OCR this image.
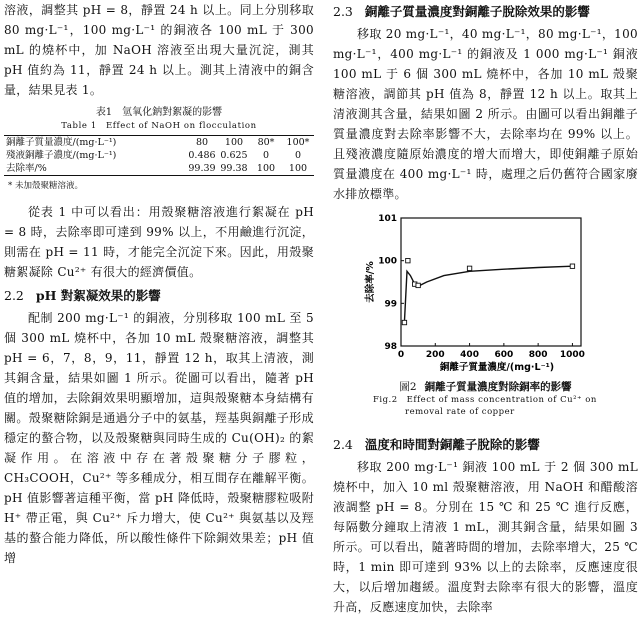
溶液，調整其 pH = 8，靜置 24 h 以上。同上分別移取 80 mg·L⁻¹，100 mg·L⁻¹ 的銅液各 100 mL 于 300 mL 的燒杯中，加 NaOH 溶液至出現大量沉淀，測其 pH 值約為 11，靜置 24 h 以上。測其上清液中的銅含量，結果見表 1。

表1　氫氧化鈉對絮凝的影響
Table 1　Effect of NaOH on flocculation
銅離子質量濃度/(mg·L⁻¹)	80	100	80*	100*
殘液銅離子濃度/(mg·L⁻¹)	0.486	0.625	0	0
去除率/%	99.39	99.38	100	100
* 未加殼聚糖溶液。

從表 1 中可以看出：用殼聚糖溶液進行絮凝在 pH = 8 時，去除率即可達到 99% 以上，不用鹼進行沉淀，則需在 pH = 11 時，才能完全沉淀下來。因此，用殼聚糖絮凝除 Cu²⁺ 有很大的經濟價值。

2.2 pH 對絮凝效果的影響

配制 200 mg·L⁻¹ 的銅液，分別移取 100 mL 至 5 個 300 mL 燒杯中，各加 10 mL 殼聚糖溶液，調整其 pH = 6，7，8，9，11，靜置 12 h，取其上清液，測其銅含量，結果如圖 1 所示。從圖可以看出，隨著 pH 值的增加，去除銅效果明顯增加，這與殼聚糖本身結構有關。殼聚糖除銅是通過分子中的氨基，羥基與銅離子形成穩定的螯合物，以及殼聚糖與同時生成的 Cu(OH)₂ 的絮凝作用。在溶液中存在著殼聚糖分子膠粒，CH₃COOH，Cu²⁺ 等多種成分，相互間存在離解平衡。pH 值影響著這種平衡，當 pH 降低時，殼聚糖膠粒吸附 H⁺ 帶正電，與 Cu²⁺ 斥力增大，使 Cu²⁺ 與氨基以及羥基的螯合能力降低，所以酸性條件下除銅效果差；pH 值增

2.3 銅離子質量濃度對銅離子脫除效果的影響

移取 20 mg·L⁻¹，40 mg·L⁻¹，80 mg·L⁻¹，100 mg·L⁻¹，400 mg·L⁻¹ 的銅液及 1 000 mg·L⁻¹ 銅液 100 mL 于 6 個 300 mL 燒杯中，各加 10 mL 殼聚糖溶液，調節其 pH 值為 8，靜置 12 h 以上。取其上清液測其含量，結果如圖 2 所示。由圖可以看出銅離子質量濃度對去除率影響不大，去除率均在 99% 以上。且殘液濃度隨原始濃度的增大而增大，即使銅離子原始質量濃度在 400 mg·L⁻¹ 時，處理之后仍舊符合國家廢水排放標準。

0 200 400 600 800 1000
98
99
100
101
銅離子質量濃度/(mg·L⁻¹)
去除率/%
圖2 銅離子質量濃度對除銅率的影響
Fig.2　Effect of mass concentration of Cu²⁺ on
removal rate of copper
2.4 溫度和時間對銅離子脫除的影響

移取 200 mg·L⁻¹ 銅液 100 mL 于 2 個 300 mL 燒杯中，加入 10 ml 殼聚糖溶液，用 NaOH 和醋酸溶液調整 pH = 8。分別在 15 ℃ 和 25 ℃ 進行反應，每隔數分鐘取上清液 1 mL，測其銅含量，結果如圖 3 所示。可以看出，隨著時間的增加，去除率增大，25 ℃ 時，1 min 即可達到 93% 以上的去除率，反應速度很大，以后增加趨緩。溫度對去除率有很大的影響，溫度升高，反應速度加快，去除率
